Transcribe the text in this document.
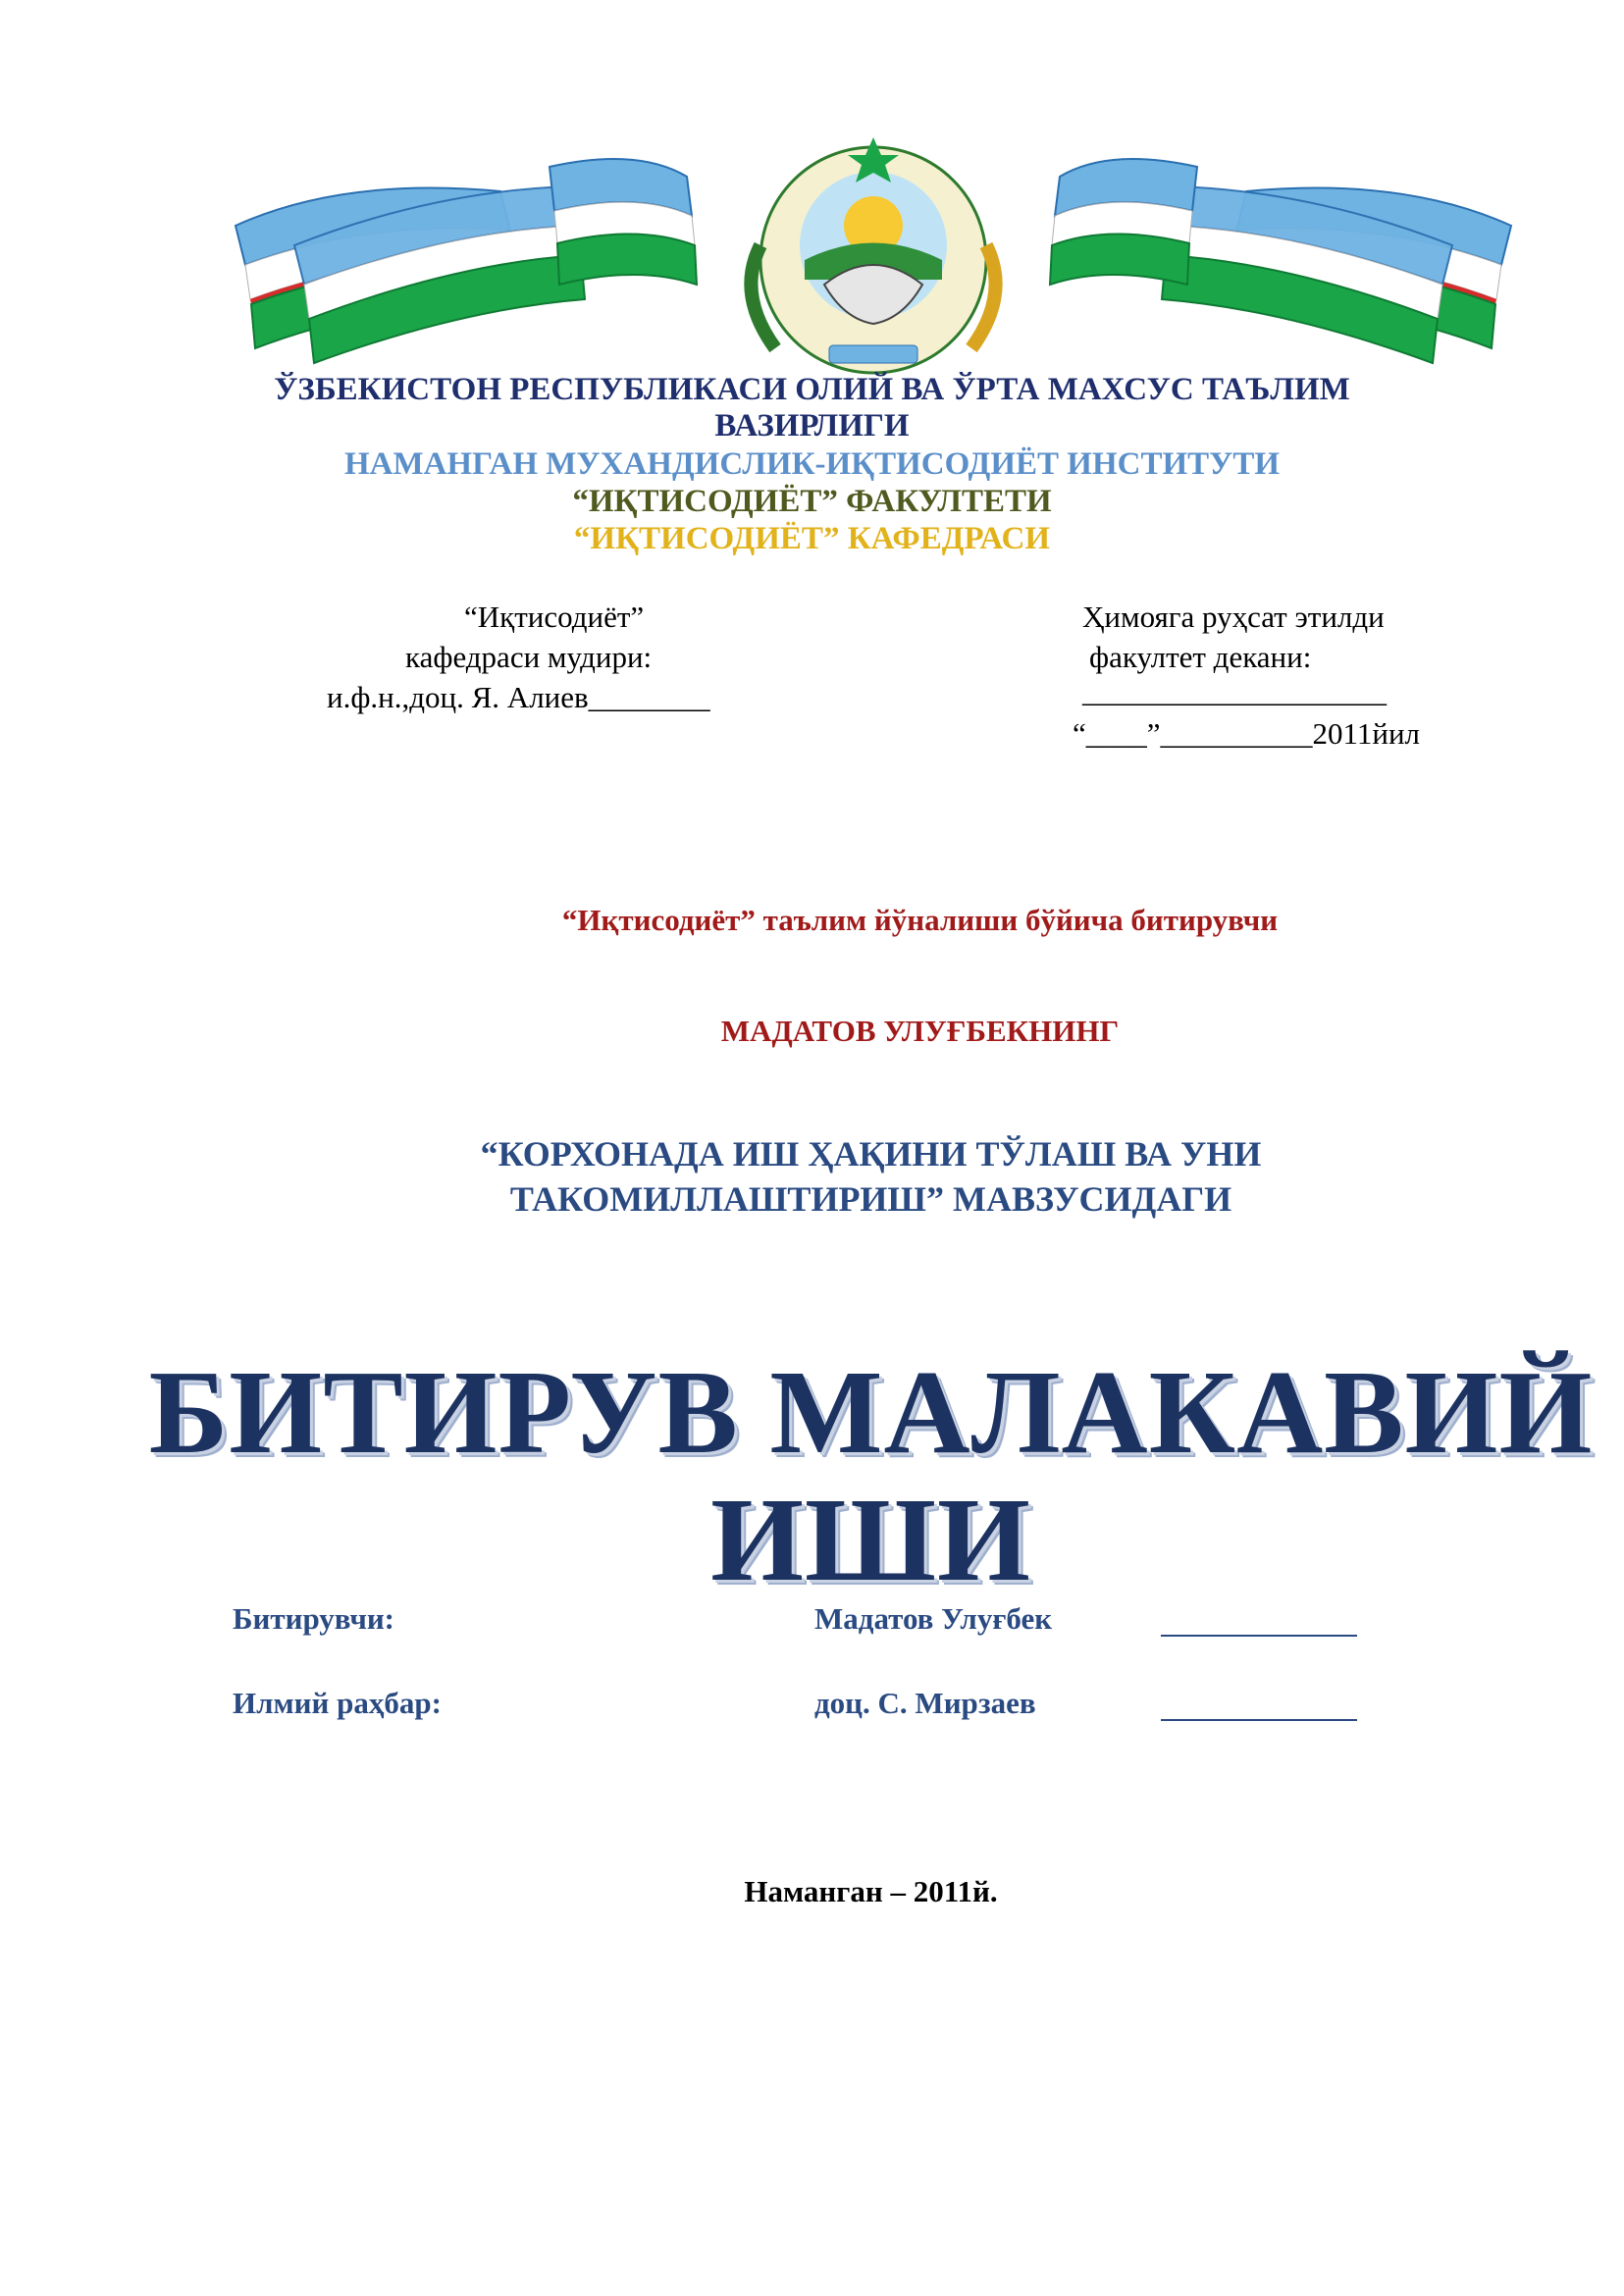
ЎЗБЕКИСТОН РЕСПУБЛИКАСИ ОЛИЙ ВА ЎРТА МАХСУС ТАЪЛИМ
ВАЗИРЛИГИ
НАМАНГАН МУХАНДИСЛИК-ИҚТИСОДИЁТ ИНСТИТУТИ
“ИҚТИСОДИЁТ” ФАКУЛТЕТИ
“ИҚТИСОДИЁТ” КАФЕДРАСИ
“Иқтисодиёт”
кафедраси мудири:
и.ф.н.,доц. Я. Алиев________
Ҳимояга руҳсат этилди
факултет декани:
____________________
“____”__________2011йил
“Иқтисодиёт” таълим йўналиши бўйича битирувчи
МАДАТОВ УЛУҒБЕКНИНГ
“КОРХОНАДА ИШ ҲАҚИНИ ТЎЛАШ ВА УНИ
ТАКОМИЛЛАШТИРИШ” МАВЗУСИДАГИ
БИТИРУВ МАЛАКАВИЙ
ИШИ
Битирувчи:	Мадатов Улуғбек
Илмий раҳбар:	доц. С. Мирзаев
Наманган – 2011й.
